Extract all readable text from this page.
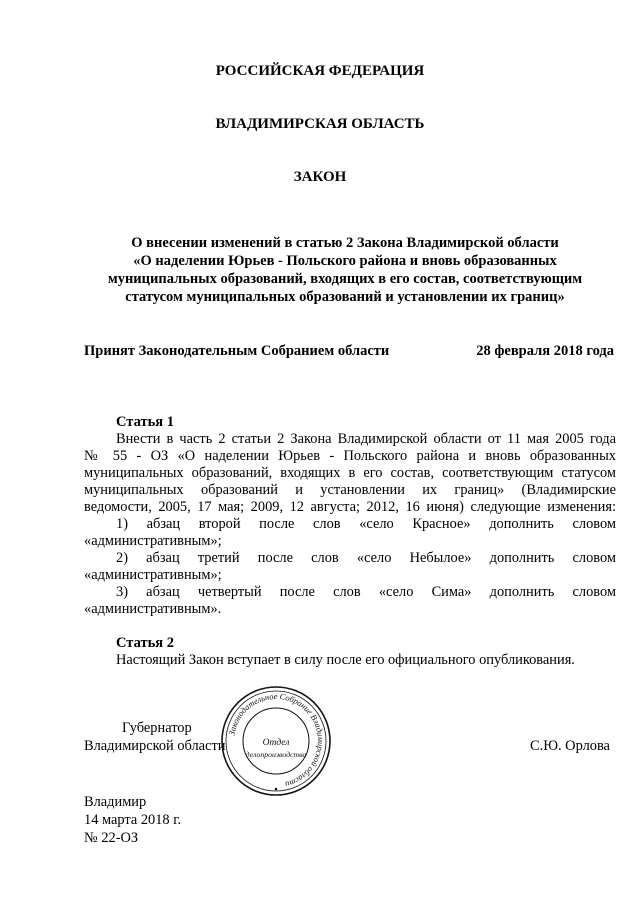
РОССИЙСКАЯ ФЕДЕРАЦИЯ
ВЛАДИМИРСКАЯ ОБЛАСТЬ
ЗАКОН
О внесении изменений в статью 2 Закона Владимирской области
«О наделении Юрьев - Польского района и вновь образованных
муниципальных образований, входящих в его состав, соответствующим
статусом муниципальных образований и установлении их границ»
Принят Законодательным Собранием области	28 февраля 2018 года
Статья 1
Внести в часть 2 статьи 2 Закона Владимирской области от 11 мая 2005 года
№ 55 - ОЗ «О наделении Юрьев - Польского района и вновь образованных
муниципальных образований, входящих в его состав, соответствующим статусом
муниципальных образований и установлении их границ» (Владимирские
ведомости, 2005, 17 мая; 2009, 12 августа; 2012, 16 июня) следующие изменения:
1) абзац второй после слов «село Красное» дополнить словом
«административным»;
2) абзац третий после слов «село Небылое» дополнить словом
«административным»;
3) абзац четвертый после слов «село Сима» дополнить словом
«административным».
Статья 2
Настоящий Закон вступает в силу после его официального опубликования.
Губернатор
Владимирской области	С.Ю. Орлова
Законодательное Собрание Владимирской области
Отдел
делопроизводства
Владимир
14 марта 2018 г.
№ 22-ОЗ
